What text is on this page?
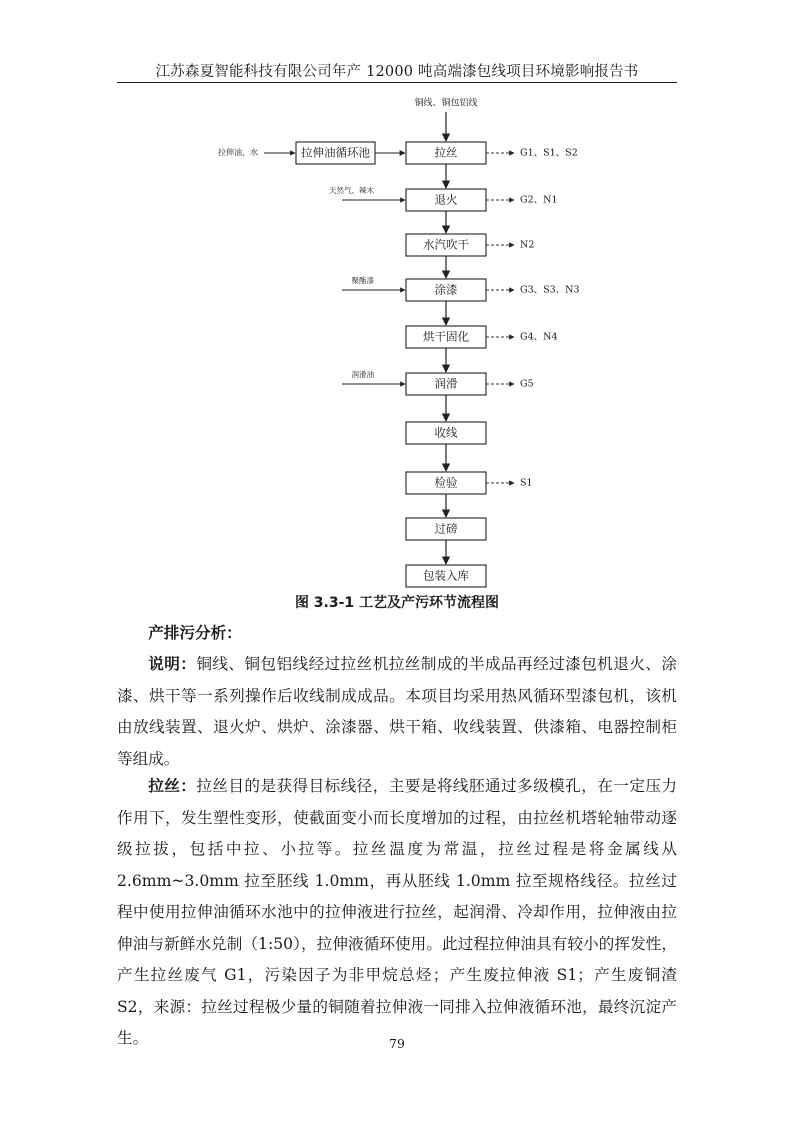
江苏森夏智能科技有限公司年产 12000 吨高端漆包线项目环境影响报告书
铜线、铜包铝线
拉丝	G1、S1、S2
退火	G2、N1
天然气、辣木
水汽吹干	N2
涂漆	G3、S3、N3
聚酯漆
烘干固化	G4、N4
润滑	G5
润滑油
收线
检验	S1
过磅
包装入库
拉伸油、水	拉伸油循环池
图 3.3-1 工艺及产污环节流程图
产排污分析：
说明：铜线、铜包铝线经过拉丝机拉丝制成的半成品再经过漆包机退火、涂漆、烘干等一系列操作后收线制成成品。本项目均采用热风循环型漆包机，该机由放线装置、退火炉、烘炉、涂漆器、烘干箱、收线装置、供漆箱、电器控制柜等组成。
拉丝：拉丝目的是获得目标线径，主要是将线胚通过多级模孔，在一定压力作用下，发生塑性变形，使截面变小而长度增加的过程，由拉丝机塔轮轴带动逐级拉拔，包括中拉、小拉等。拉丝温度为常温，拉丝过程是将金属线从2.6mm~3.0mm 拉至胚线 1.0mm，再从胚线 1.0mm 拉至规格线径。拉丝过程中使用拉伸油循环水池中的拉伸液进行拉丝，起润滑、冷却作用，拉伸液由拉伸油与新鲜水兑制（1:50），拉伸液循环使用。此过程拉伸油具有较小的挥发性，产生拉丝废气 G1，污染因子为非甲烷总烃；产生废拉伸液 S1；产生废铜渣 S2，来源：拉丝过程极少量的铜随着拉伸液一同排入拉伸液循环池，最终沉淀产生。	79
